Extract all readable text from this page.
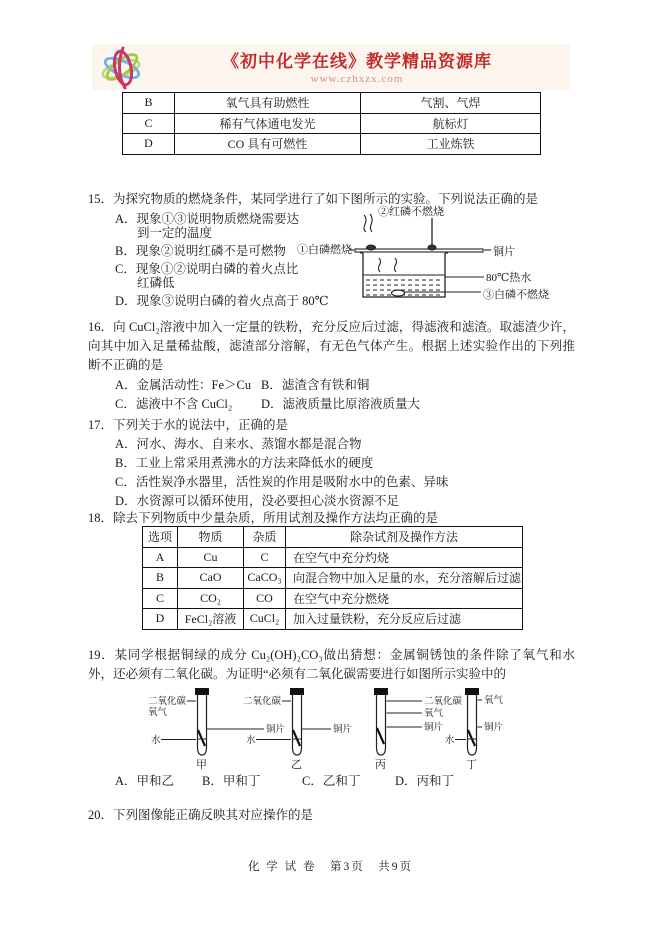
《初中化学在线》教学精品资源库
www.czhxzx.com
B	氧气具有助燃性	气割、气焊
C	稀有气体通电发光	航标灯
D	CO 具有可燃性	工业炼铁
15．为探究物质的燃烧条件，某同学进行了如下图所示的实验。下列说法正确的是
A．现象①③说明物质燃烧需要达
到一定的温度
B．现象②说明红磷不是可燃物
C．现象①②说明白磷的着火点比
红磷低
D．现象③说明白磷的着火点高于 80℃
②红磷不燃烧
①白磷燃烧	铜片
80℃热水
③白磷不燃烧
16．向 CuCl₂溶液中加入一定量的铁粉，充分反应后过滤，得滤液和滤渣。取滤渣少许，向其中加入足量稀盐酸，滤渣部分溶解，有无色气体产生。根据上述实验作出的下列推断不正确的是
A．金属活动性：Fe＞Cu B．滤渣含有铁和铜
C．滤液中不含 CuCl₂ D．滤液质量比原溶液质量大
17．下列关于水的说法中，正确的是
A．河水、海水、自来水、蒸馏水都是混合物
B．工业上常采用煮沸水的方法来降低水的硬度
C．活性炭净水器里，活性炭的作用是吸附水中的色素、异味
D．水资源可以循环使用，没必要担心淡水资源不足
18．除去下列物质中少量杂质，所用试剂及操作方法均正确的是
选项	物质	杂质	除杂试剂及操作方法
A	Cu	C	在空气中充分灼烧
B	CaO	CaCO₃	向混合物中加入足量的水，充分溶解后过滤
C	CO₂	CO	在空气中充分燃烧
D	FeCl₂溶液	CuCl₂	加入过量铁粉，充分反应后过滤
19．某同学根据铜绿的成分 Cu₂(OH)₂CO₃做出猜想：金属铜锈蚀的条件除了氧气和水外，还必须有二氧化碳。为证明“必须有二氧化碳需要进行如图所示实验中的
二氧化碳
氧气
水
铜片
甲
二氧化碳
水
铜片
乙
二氧化碳
氧气
铜片
丙
氧气
铜片
水
丁
A．甲和乙 B．甲和丁	C．乙和丁	D．丙和丁
20．下列图像能正确反映其对应操作的是
化 学 试 卷　第3页　共9页
